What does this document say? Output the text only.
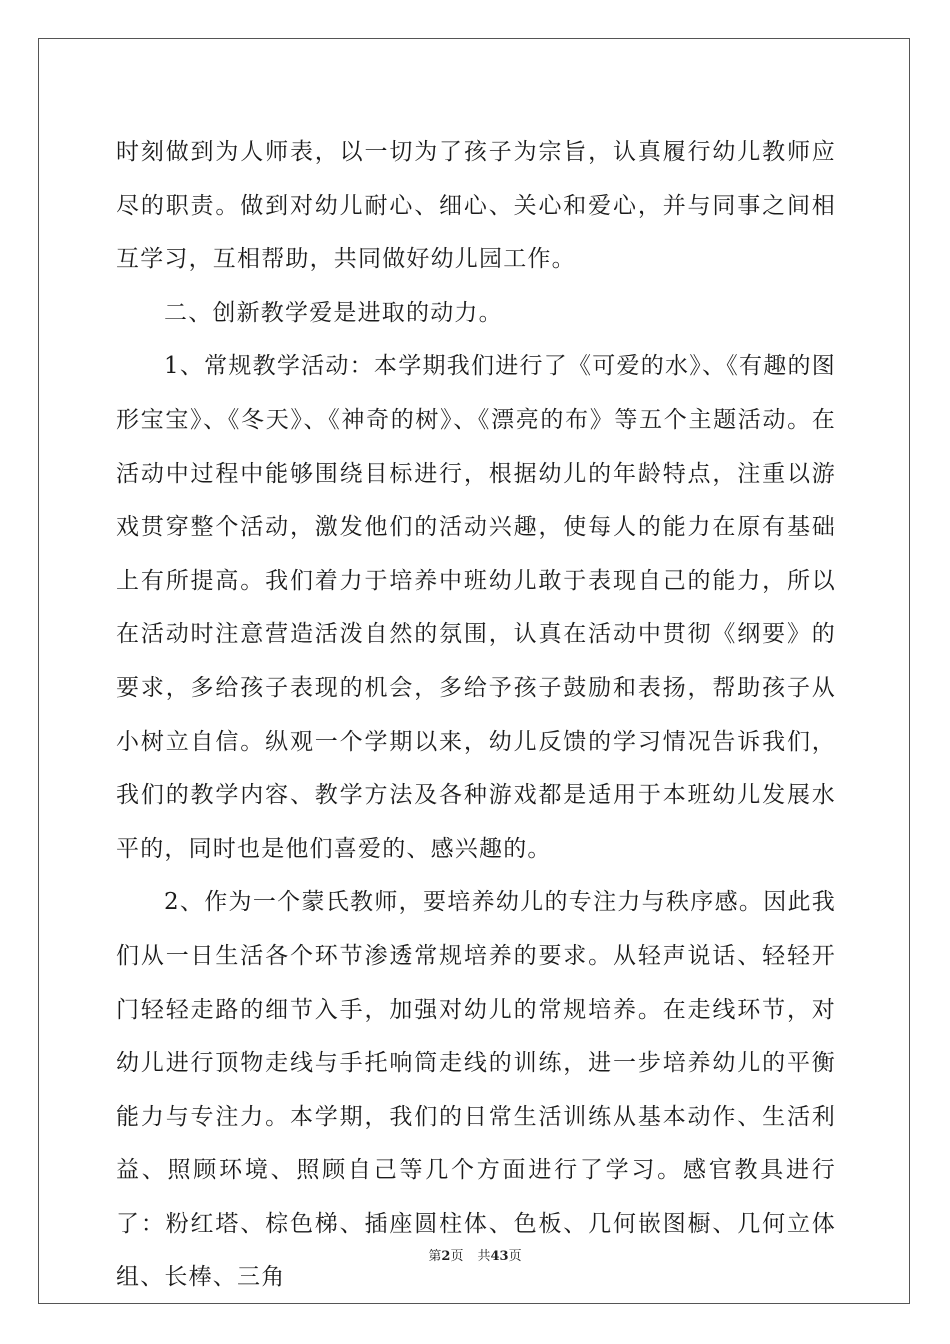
时刻做到为人师表，以一切为了孩子为宗旨，认真履行幼儿教师应尽的职责。做到对幼儿耐心、细心、关心和爱心，并与同事之间相互学习，互相帮助，共同做好幼儿园工作。

二、创新教学爱是进取的动力。

1、常规教学活动：本学期我们进行了《可爱的水》、《有趣的图形宝宝》、《冬天》、《神奇的树》、《漂亮的布》等五个主题活动。在活动中过程中能够围绕目标进行，根据幼儿的年龄特点，注重以游戏贯穿整个活动，激发他们的活动兴趣，使每人的能力在原有基础上有所提高。我们着力于培养中班幼儿敢于表现自己的能力，所以在活动时注意营造活泼自然的氛围，认真在活动中贯彻《纲要》的要求，多给孩子表现的机会，多给予孩子鼓励和表扬，帮助孩子从小树立自信。纵观一个学期以来，幼儿反馈的学习情况告诉我们，我们的教学内容、教学方法及各种游戏都是适用于本班幼儿发展水平的，同时也是他们喜爱的、感兴趣的。

2、作为一个蒙氏教师，要培养幼儿的专注力与秩序感。因此我们从一日生活各个环节渗透常规培养的要求。从轻声说话、轻轻开门轻轻走路的细节入手，加强对幼儿的常规培养。在走线环节，对幼儿进行顶物走线与手托响筒走线的训练，进一步培养幼儿的平衡能力与专注力。本学期，我们的日常生活训练从基本动作、生活利益、照顾环境、照顾自己等几个方面进行了学习。感官教具进行了：粉红塔、棕色梯、插座圆柱体、色板、几何嵌图橱、几何立体组、长棒、三角

第2页 共43页
